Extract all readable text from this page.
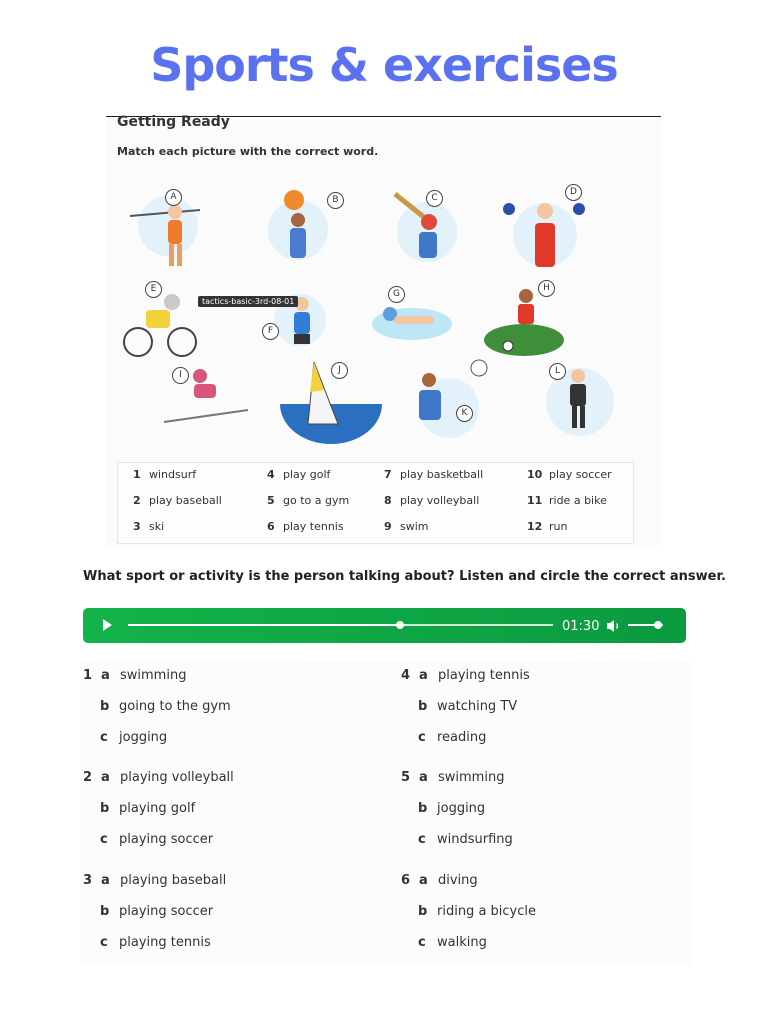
Sports & exercises
Getting Ready
Match each picture with the correct word.
A	B	C
D
E
F
G
H
I	J
K
L
tactics-basic-3rd-08-01
1 windsurf
2 play baseball
3 ski
4 play golf
5 go to a gym
6 play tennis
7 play basketball
8 play volleyball
9 swim
10 play soccer
11 ride a bike
12 run
What sport or activity is the person talking about? Listen and circle the correct answer.
01:30
1 a swimming
b going to the gym
c jogging
2 a playing volleyball
b playing golf
c playing soccer
3 a playing baseball
b playing soccer
c playing tennis
4 a playing tennis
b watching TV
c reading
5 a swimming
b jogging
c windsurfing
6 a diving
b riding a bicycle
c walking
